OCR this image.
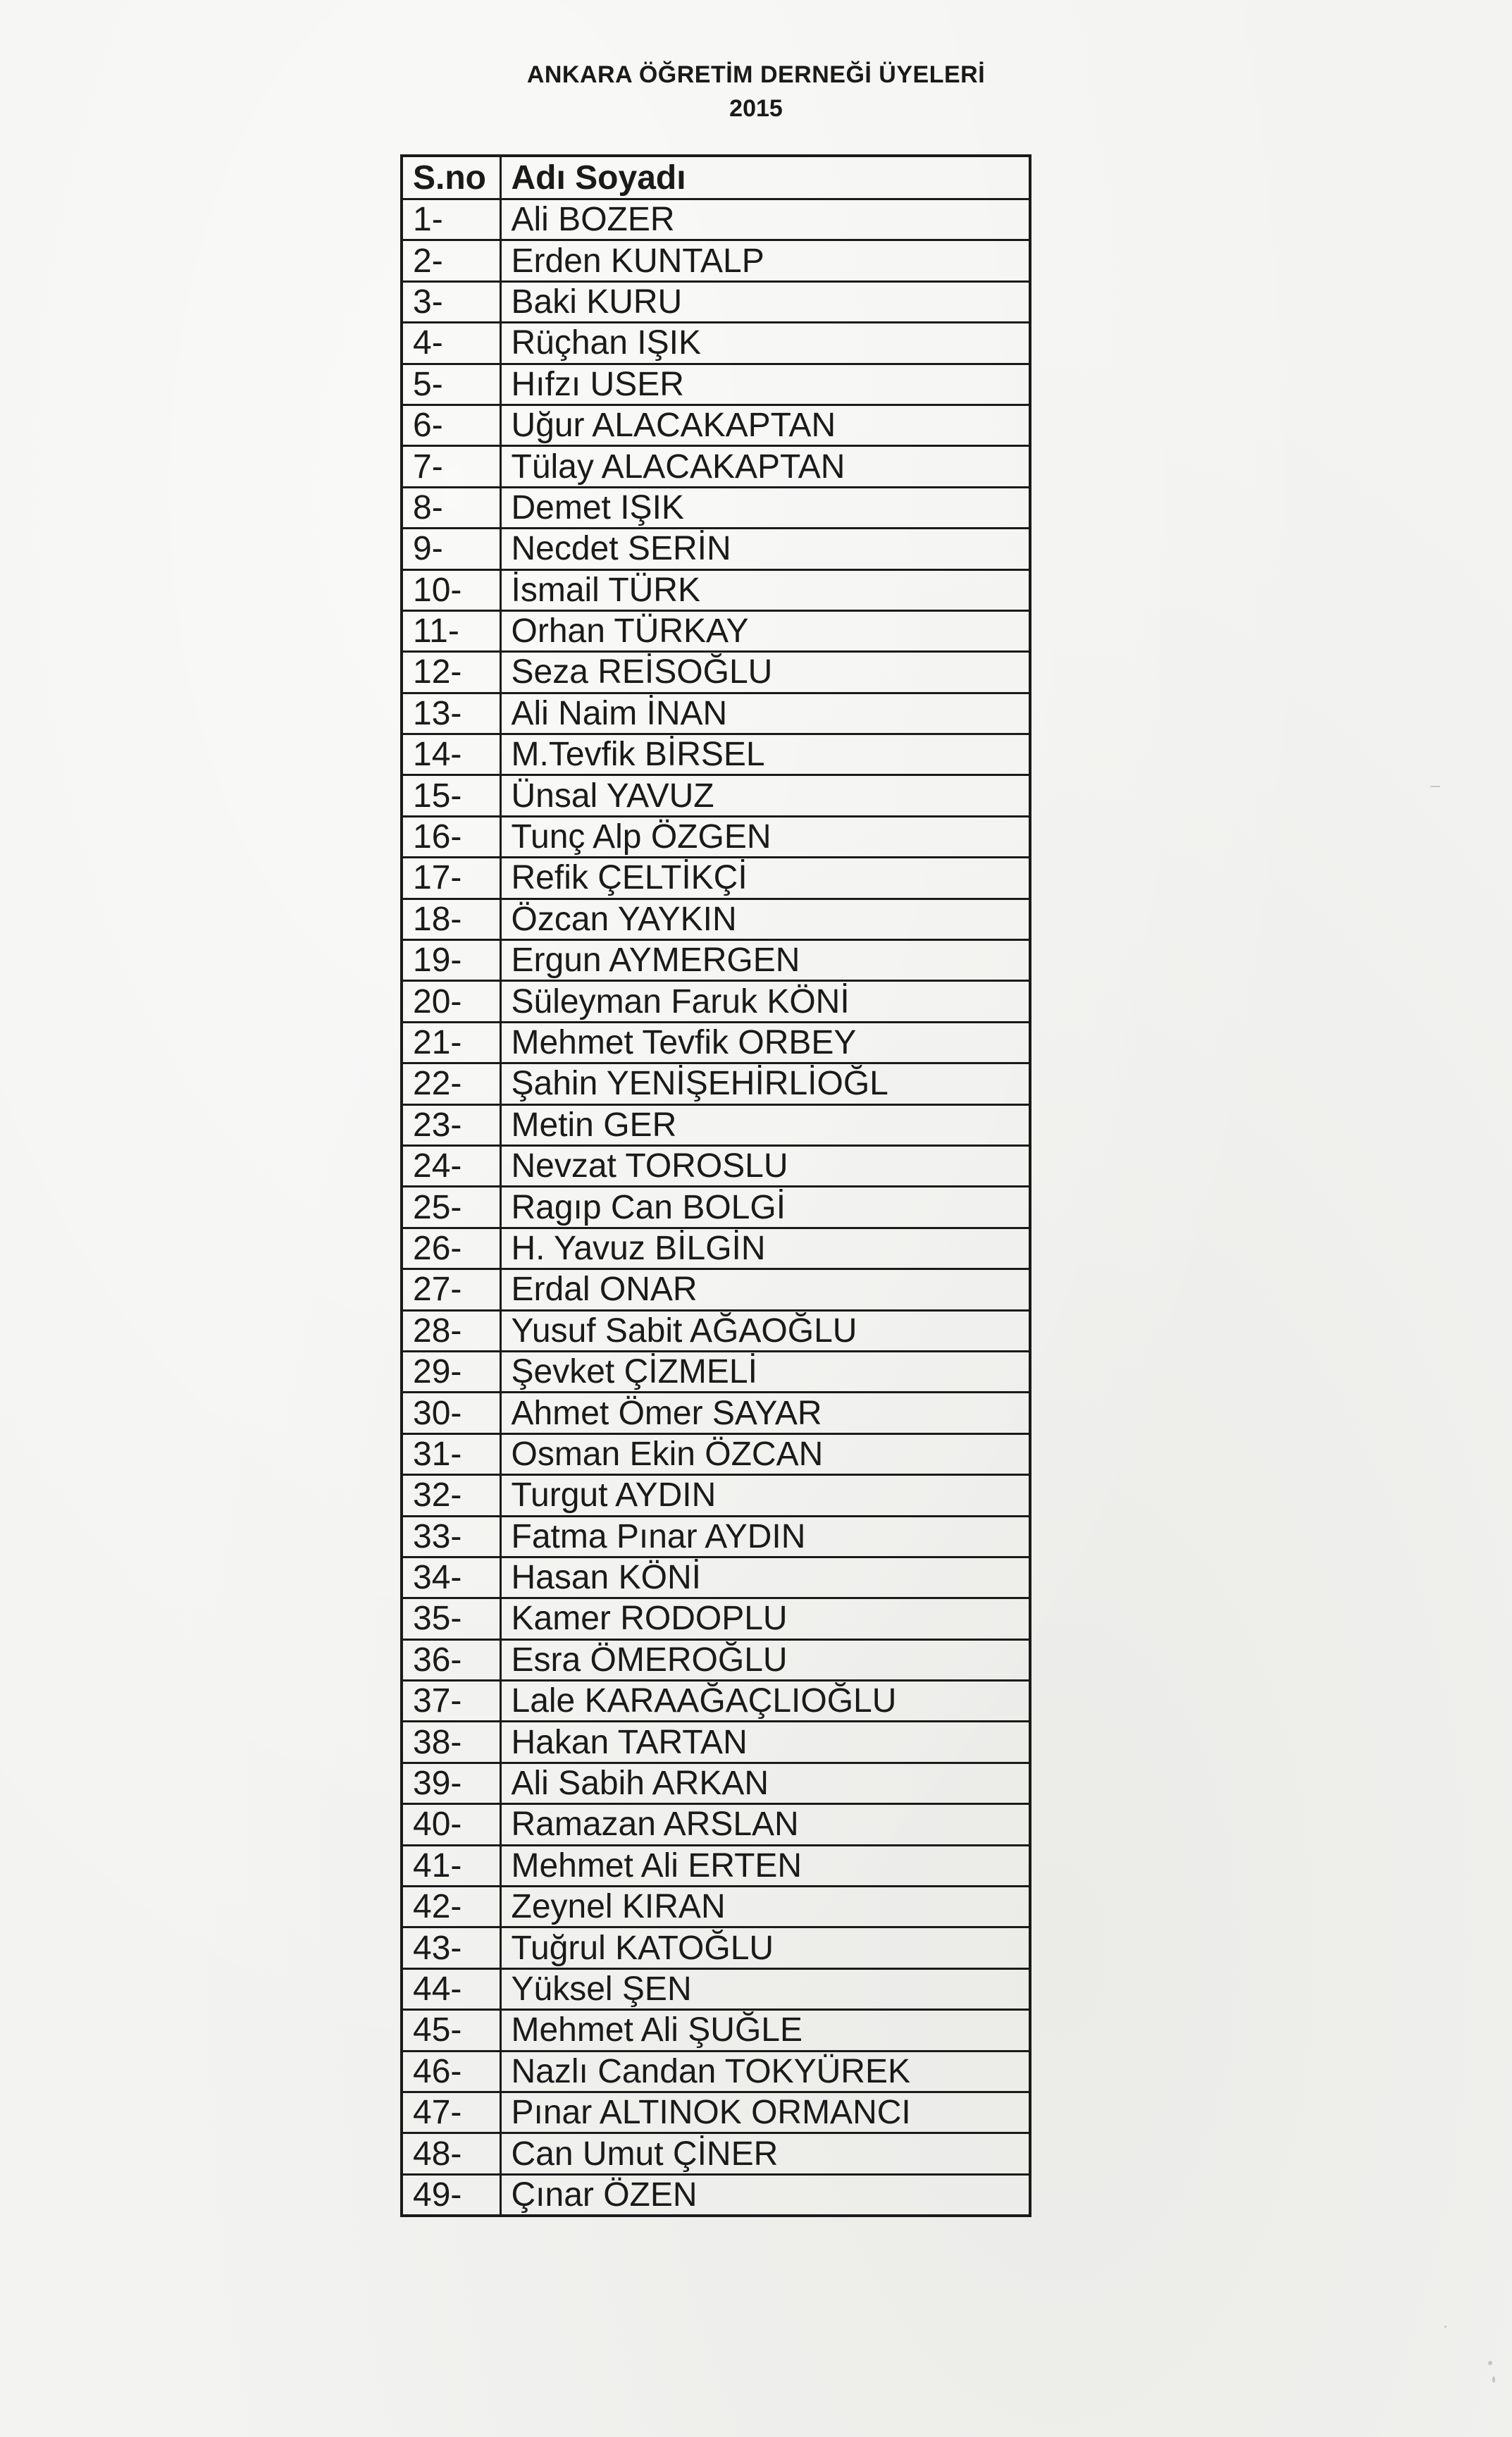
ANKARA ÖĞRETİM DERNEĞİ ÜYELERİ
2015
S.no	Adı Soyadı
1-	Ali BOZER
2-	Erden KUNTALP
3-	Baki KURU
4-	Rüçhan IŞIK
5-	Hıfzı USER
6-	Uğur ALACAKAPTAN
7-	Tülay ALACAKAPTAN
8-	Demet IŞIK
9-	Necdet SERİN
10-	İsmail TÜRK
11-	Orhan TÜRKAY
12-	Seza REİSOĞLU
13-	Ali Naim İNAN
14-	M.Tevfik BİRSEL
15-	Ünsal YAVUZ
16-	Tunç Alp ÖZGEN
17-	Refik ÇELTİKÇİ
18-	Özcan YAYKIN
19-	Ergun AYMERGEN
20-	Süleyman Faruk KÖNİ
21-	Mehmet Tevfik ORBEY
22-	Şahin YENİŞEHİRLİOĞL
23-	Metin GER
24-	Nevzat TOROSLU
25-	Ragıp Can BOLGİ
26-	H. Yavuz BİLGİN
27-	Erdal ONAR
28-	Yusuf Sabit AĞAOĞLU
29-	Şevket ÇİZMELİ
30-	Ahmet Ömer SAYAR
31-	Osman Ekin ÖZCAN
32-	Turgut AYDIN
33-	Fatma Pınar AYDIN
34-	Hasan KÖNİ
35-	Kamer RODOPLU
36-	Esra ÖMEROĞLU
37-	Lale KARAAĞAÇLIOĞLU
38-	Hakan TARTAN
39-	Ali Sabih ARKAN
40-	Ramazan ARSLAN
41-	Mehmet Ali ERTEN
42-	Zeynel KIRAN
43-	Tuğrul KATOĞLU
44-	Yüksel ŞEN
45-	Mehmet Ali ŞUĞLE
46-	Nazlı Candan TOKYÜREK
47-	Pınar ALTINOK ORMANCI
48-	Can Umut ÇİNER
49-	Çınar ÖZEN
